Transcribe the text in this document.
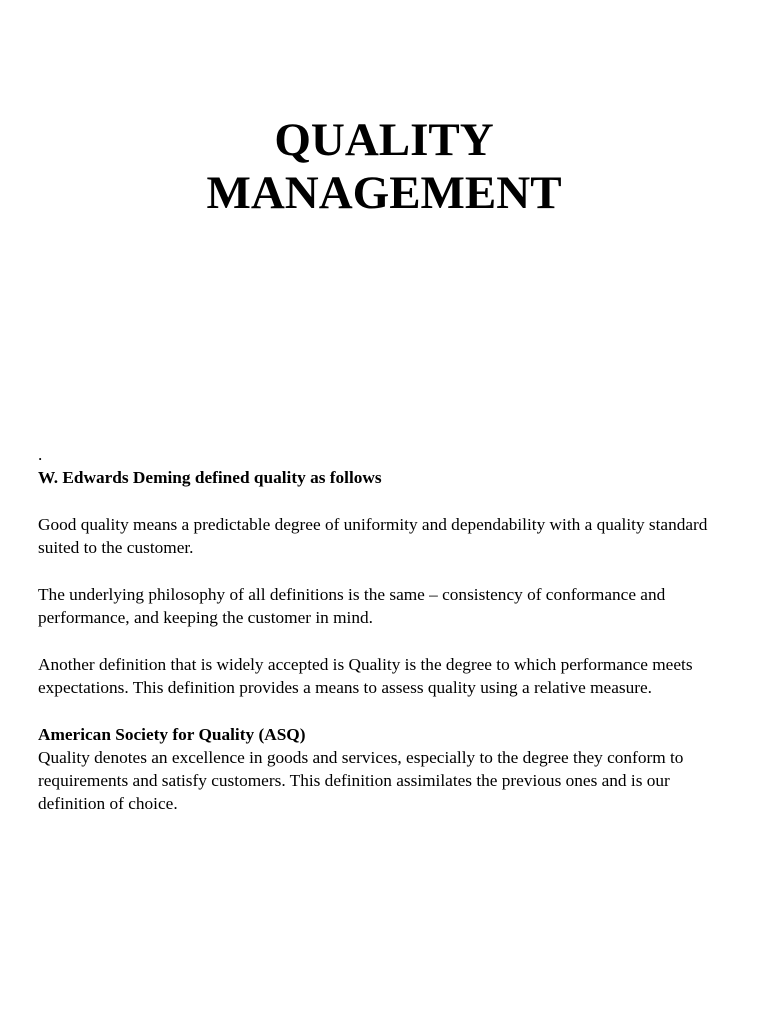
QUALITY
MANAGEMENT

.

W. Edwards Deming defined quality as follows

Good quality means a predictable degree of uniformity and dependability with a quality standard suited to the customer.

The underlying philosophy of all definitions is the same – consistency of conformance and performance, and keeping the customer in mind.

Another definition that is widely accepted is Quality is the degree to which performance meets expectations. This definition provides a means to assess quality using a relative measure.

American Society for Quality (ASQ)

Quality denotes an excellence in goods and services, especially to the degree they conform to requirements and satisfy customers. This definition assimilates the previous ones and is our definition of choice.
